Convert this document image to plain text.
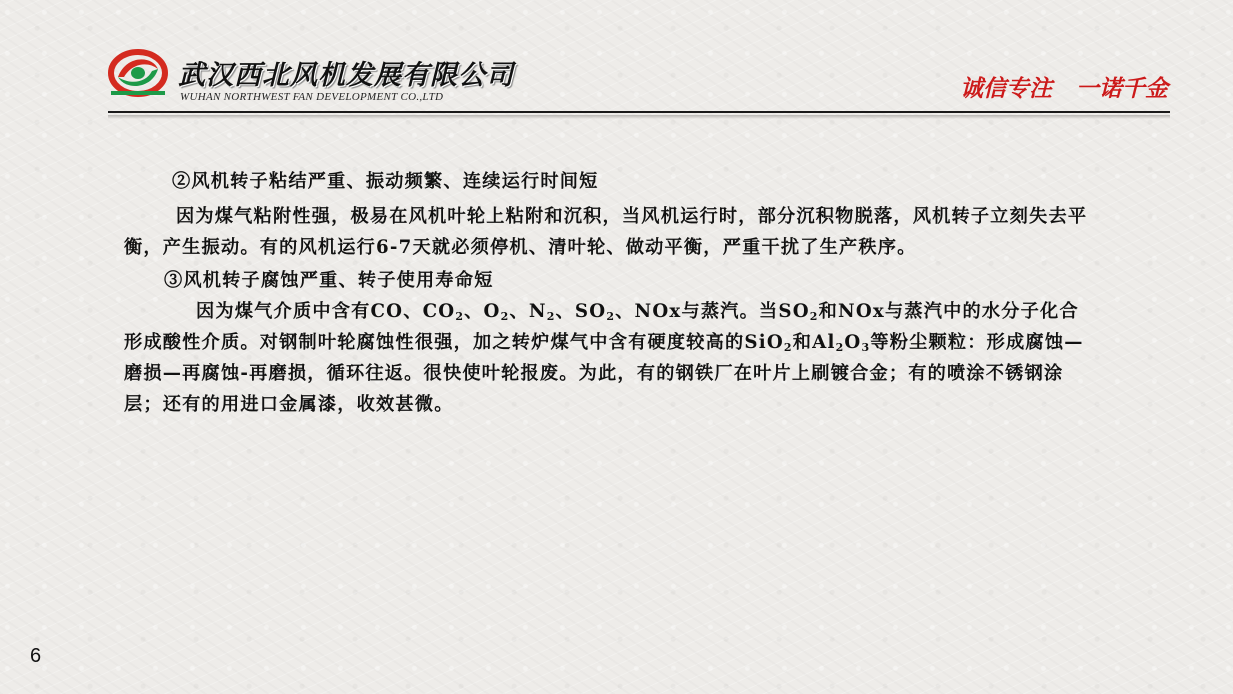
武汉西北风机发展有限公司
WUHAN NORTHWEST FAN DEVELOPMENT CO.,LTD	诚信专注   一诺千金

②风机转子粘结严重、振动频繁、连续运行时间短

因为煤气粘附性强，极易在风机叶轮上粘附和沉积，当风机运行时，部分沉积物脱落，风机转子立刻失去平衡，产生振动。有的风机运行6-7天就必须停机、清叶轮、做动平衡，严重干扰了生产秩序。

③风机转子腐蚀严重、转子使用寿命短

因为煤气介质中含有CO、$CO_2$、$O_2$、$N_2$、$SO_2$、NOx与蒸汽。当$SO_2$和NOx与蒸汽中的水分子化合形成酸性介质。对钢制叶轮腐蚀性很强，加之转炉煤气中含有硬度较高的SiO$_2$和$Al_2O_3$等粉尘颗粒：形成腐蚀—磨损—再腐蚀-再磨损，循环往返。很快使叶轮报废。为此，有的钢铁厂在叶片上刷镀合金；有的喷涂不锈钢涂层；还有的用进口金属漆，收效甚微。

6
